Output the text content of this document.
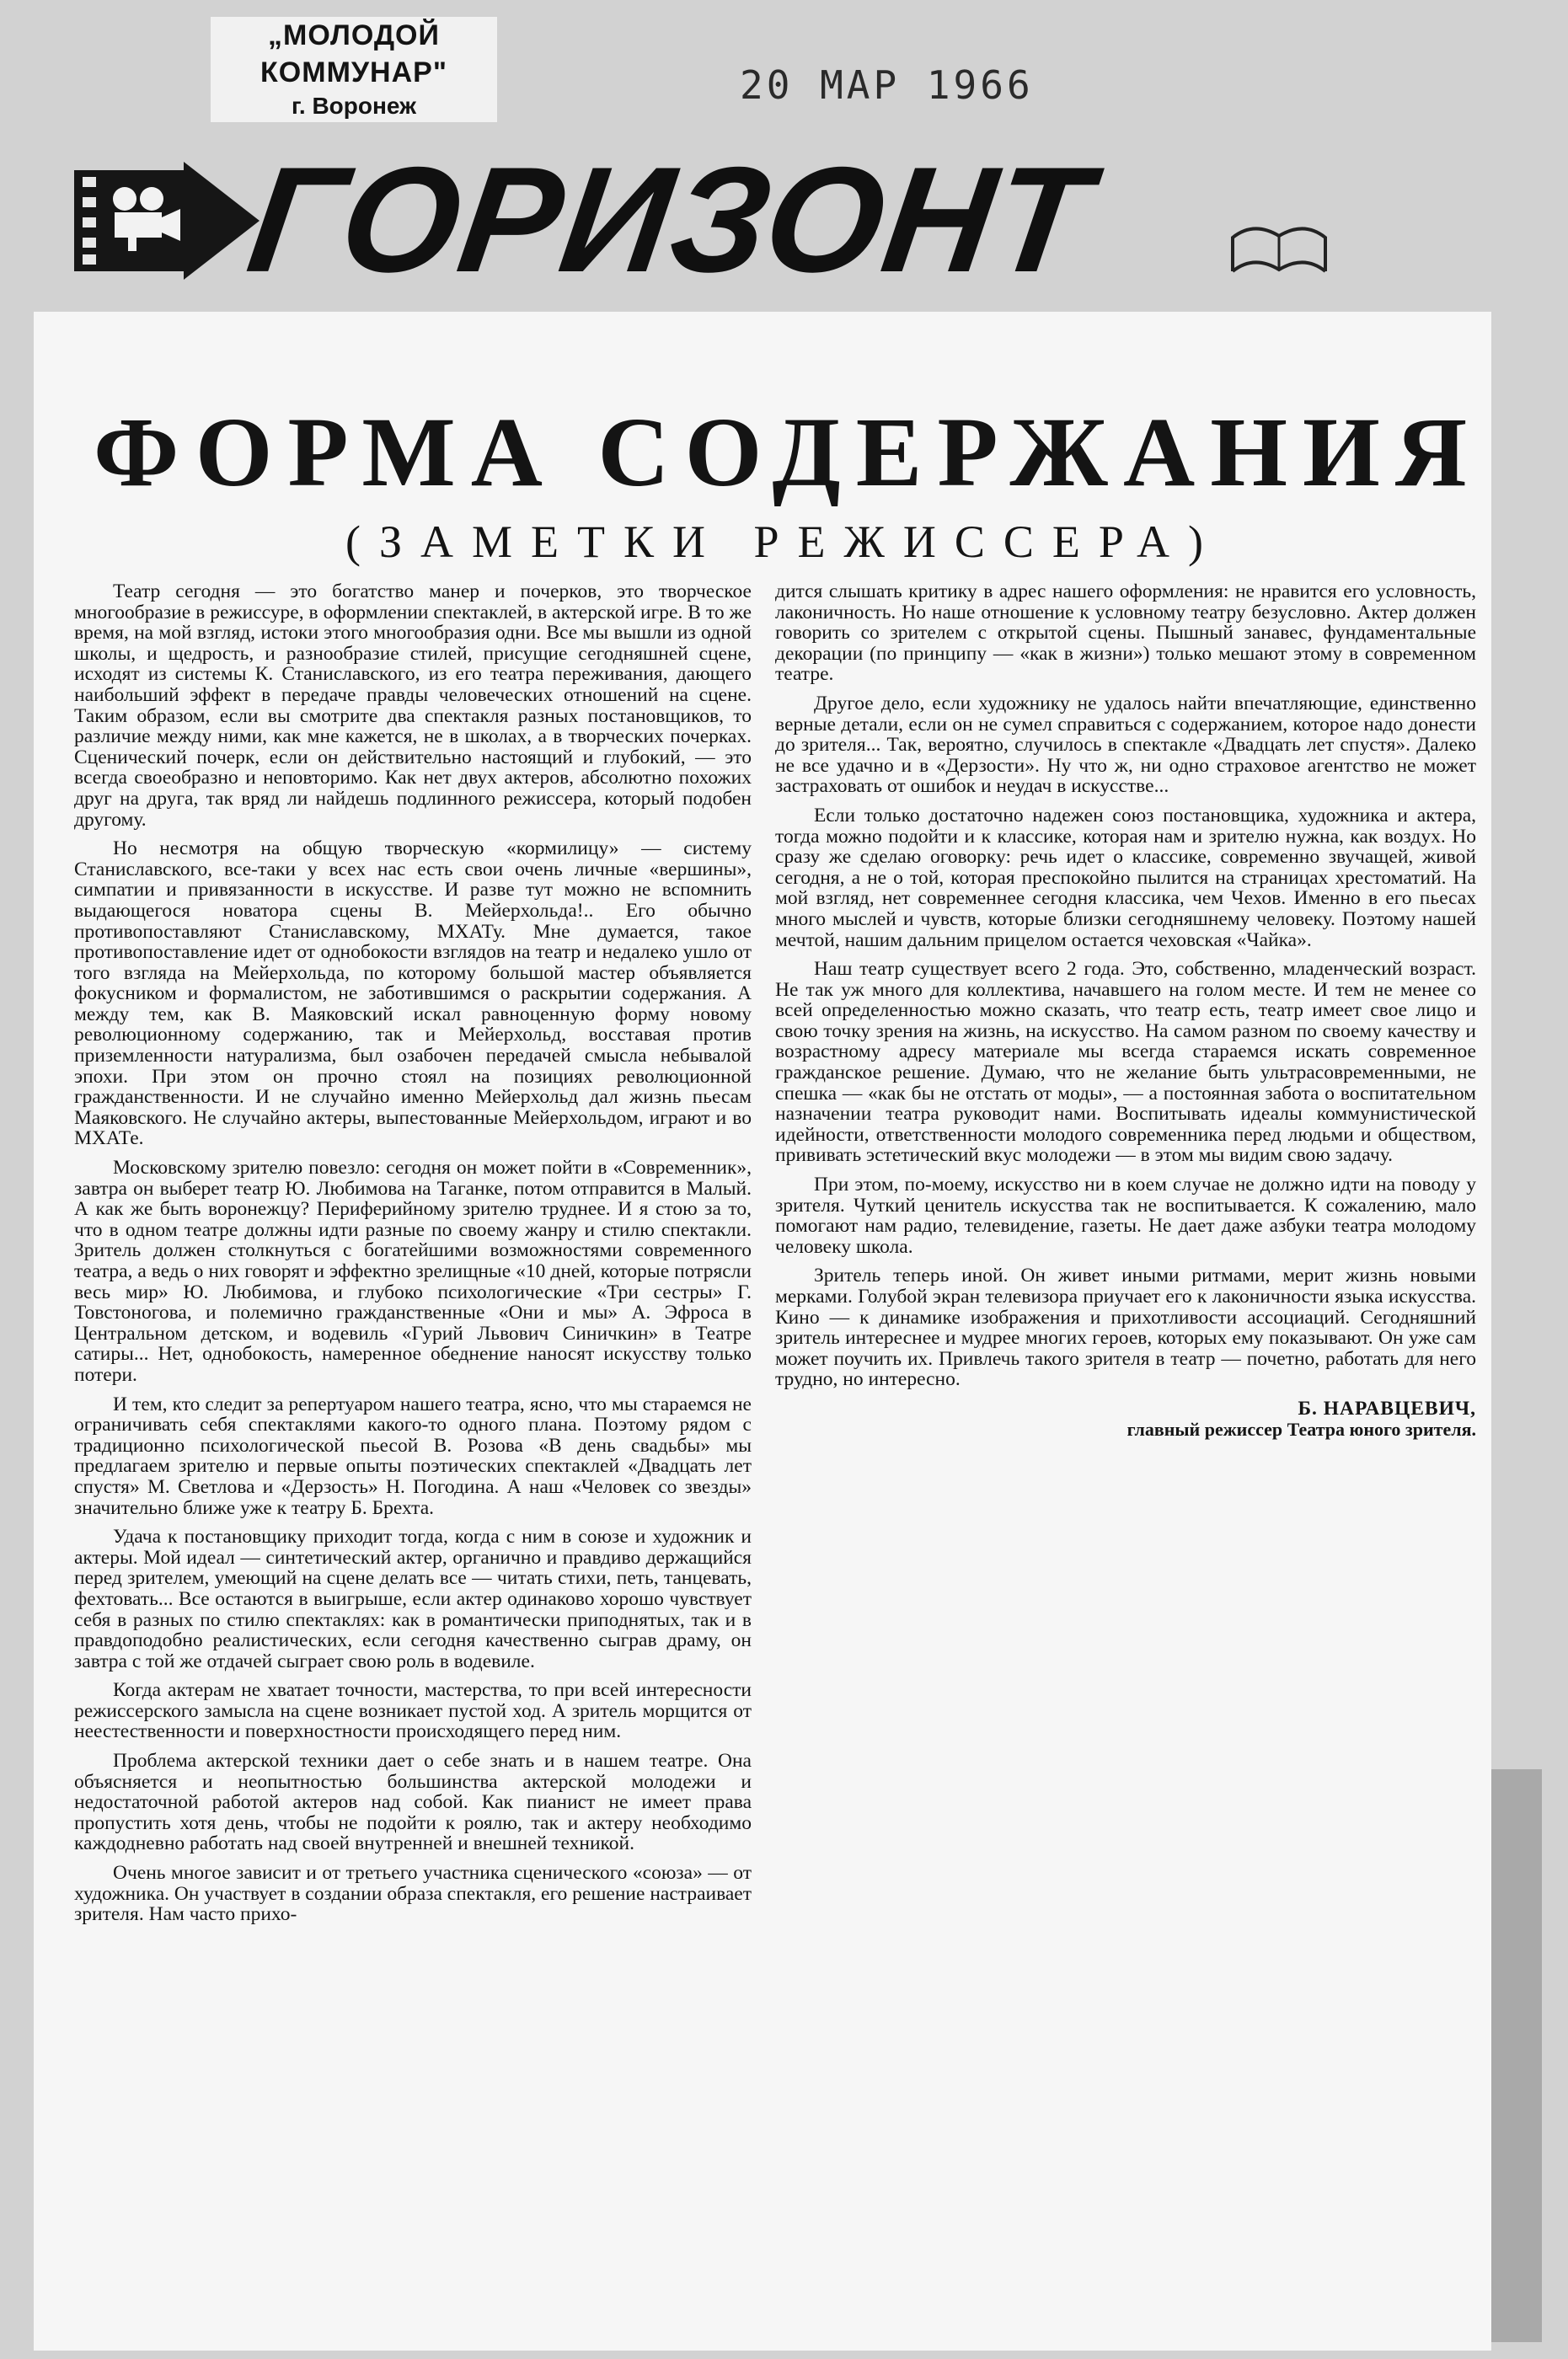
„МОЛОДОЙ КОММУНАР"
г. Воронеж	20 МАР 1966
ГОРИЗОНТ
ФОРМА СОДЕРЖАНИЯ
(ЗАМЕТКИ РЕЖИССЕРА)

Театр сегодня — это богатство манер и почерков, это творческое многообразие в режиссуре, в оформлении спектаклей, в актерской игре. В то же время, на мой взгляд, истоки этого многообразия одни. Все мы вышли из одной школы, и щедрость, и разнообразие стилей, присущие сегодняшней сцене, исходят из системы К. Станиславского, из его театра переживания, дающего наибольший эффект в передаче правды человеческих отношений на сцене. Таким образом, если вы смотрите два спектакля разных постановщиков, то различие между ними, как мне кажется, не в школах, а в творческих почерках. Сценический почерк, если он действительно настоящий и глубокий, — это всегда своеобразно и неповторимо. Как нет двух актеров, абсолютно похожих друг на друга, так вряд ли найдешь подлинного режиссера, который подобен другому.

Но несмотря на общую творческую «кормилицу» — систему Станиславского, все-таки у всех нас есть свои очень личные «вершины», симпатии и привязанности в искусстве. И разве тут можно не вспомнить выдающегося новатора сцены В. Мейерхольда!.. Его обычно противопоставляют Станиславскому, МХАТу. Мне думается, такое противопоставление идет от однобокости взглядов на театр и недалеко ушло от того взгляда на Мейерхольда, по которому большой мастер объявляется фокусником и формалистом, не заботившимся о раскрытии содержания. А между тем, как В. Маяковский искал равноценную форму новому революционному содержанию, так и Мейерхольд, восставая против приземленности натурализма, был озабочен передачей смысла небывалой эпохи. При этом он прочно стоял на позициях революционной гражданственности. И не случайно именно Мейерхольд дал жизнь пьесам Маяковского. Не случайно актеры, выпестованные Мейерхольдом, играют и во МХАТе.

Московскому зрителю повезло: сегодня он может пойти в «Современник», завтра он выберет театр Ю. Любимова на Таганке, потом отправится в Малый. А как же быть воронежцу? Периферийному зрителю труднее. И я стою за то, что в одном театре должны идти разные по своему жанру и стилю спектакли. Зритель должен столкнуться с богатейшими возможностями современного театра, а ведь о них говорят и эффектно зрелищные «10 дней, которые потрясли весь мир» Ю. Любимова, и глубоко психологические «Три сестры» Г. Товстоногова, и полемично гражданственные «Они и мы» А. Эфроса в Центральном детском, и водевиль «Гурий Львович Синичкин» в Театре сатиры... Нет, однобокость, намеренное обеднение наносят искусству только потери.

И тем, кто следит за репертуаром нашего театра, ясно, что мы стараемся не ограничивать себя спектаклями какого-то одного плана. Поэтому рядом с традиционно психологической пьесой В. Розова «В день свадьбы» мы предлагаем зрителю и первые опыты поэтических спектаклей «Двадцать лет спустя» М. Светлова и «Дерзость» Н. Погодина. А наш «Человек со звезды» значительно ближе уже к театру Б. Брехта.

Удача к постановщику приходит тогда, когда с ним в союзе и художник и актеры. Мой идеал — синтетический актер, органично и правдиво держащийся перед зрителем, умеющий на сцене делать все — читать стихи, петь, танцевать, фехтовать... Все остаются в выигрыше, если актер одинаково хорошо чувствует себя в разных по стилю спектаклях: как в романтически приподнятых, так и в правдоподобно реалистических, если сегодня качественно сыграв драму, он завтра с той же отдачей сыграет свою роль в водевиле.

Когда актерам не хватает точности, мастерства, то при всей интересности режиссерского замысла на сцене возникает пустой ход. А зритель морщится от неестественности и поверхностности происходящего перед ним.

Проблема актерской техники дает о себе знать и в нашем театре. Она объясняется и неопытностью большинства актерской молодежи и недостаточной работой актеров над собой. Как пианист не имеет права пропустить хотя день, чтобы не подойти к роялю, так и актеру необходимо каждодневно работать над своей внутренней и внешней техникой.

Очень многое зависит и от третьего участника сценического «союза» — от художника. Он участвует в создании образа спектакля, его решение настраивает зрителя. Нам часто прихо-

дится слышать критику в адрес нашего оформления: не нравится его условность, лаконичность. Но наше отношение к условному театру безусловно. Актер должен говорить со зрителем с открытой сцены. Пышный занавес, фундаментальные декорации (по принципу — «как в жизни») только мешают этому в современном театре.

Другое дело, если художнику не удалось найти впечатляющие, единственно верные детали, если он не сумел справиться с содержанием, которое надо донести до зрителя... Так, вероятно, случилось в спектакле «Двадцать лет спустя». Далеко не все удачно и в «Дерзости». Ну что ж, ни одно страховое агентство не может застраховать от ошибок и неудач в искусстве...

Если только достаточно надежен союз постановщика, художника и актера, тогда можно подойти и к классике, которая нам и зрителю нужна, как воздух. Но сразу же сделаю оговорку: речь идет о классике, современно звучащей, живой сегодня, а не о той, которая преспокойно пылится на страницах хрестоматий. На мой взгляд, нет современнее сегодня классика, чем Чехов. Именно в его пьесах много мыслей и чувств, которые близки сегодняшнему человеку. Поэтому нашей мечтой, нашим дальним прицелом остается чеховская «Чайка».

Наш театр существует всего 2 года. Это, собственно, младенческий возраст. Не так уж много для коллектива, начавшего на голом месте. И тем не менее со всей определенностью можно сказать, что театр есть, театр имеет свое лицо и свою точку зрения на жизнь, на искусство. На самом разном по своему качеству и возрастному адресу материале мы всегда стараемся искать современное гражданское решение. Думаю, что не желание быть ультрасовременными, не спешка — «как бы не отстать от моды», — а постоянная забота о воспитательном назначении театра руководит нами. Воспитывать идеалы коммунистической идейности, ответственности молодого современника перед людьми и обществом, прививать эстетический вкус молодежи — в этом мы видим свою задачу.

При этом, по-моему, искусство ни в коем случае не должно идти на поводу у зрителя. Чуткий ценитель искусства так не воспитывается. К сожалению, мало помогают нам радио, телевидение, газеты. Не дает даже азбуки театра молодому человеку школа.

Зритель теперь иной. Он живет иными ритмами, мерит жизнь новыми мерками. Голубой экран телевизора приучает его к лаконичности языка искусства. Кино — к динамике изображения и прихотливости ассоциаций. Сегодняшний зритель интереснее и мудрее многих героев, которых ему показывают. Он уже сам может поучить их. Привлечь такого зрителя в театр — почетно, работать для него трудно, но интересно.

Б. НАРАВЦЕВИЧ,
главный режиссер Театра юного зрителя.
